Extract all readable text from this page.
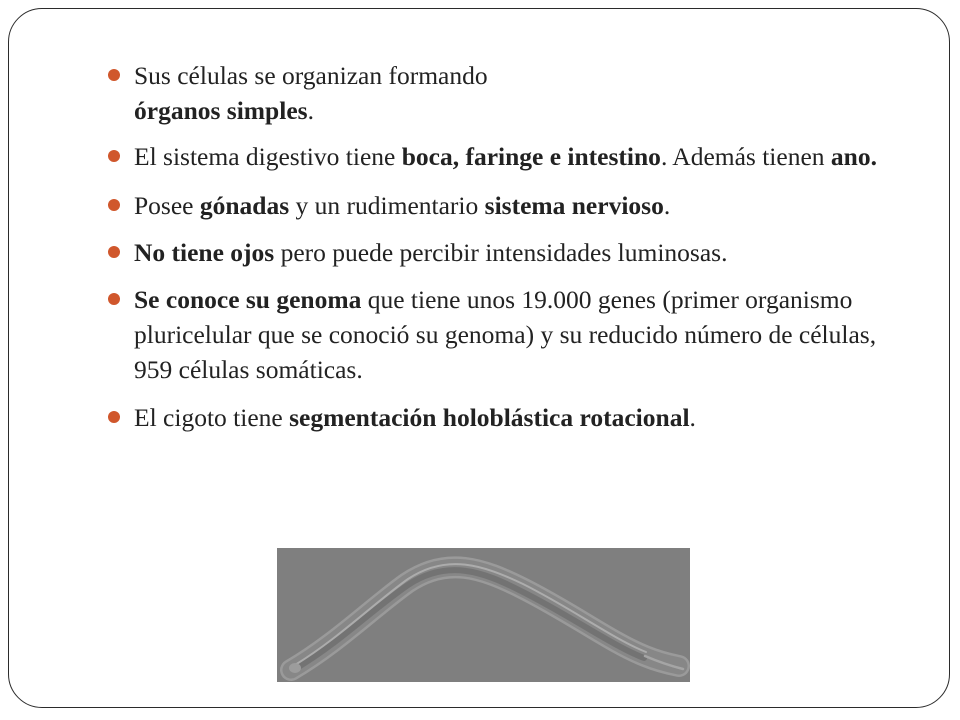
Sus células se organizan formando
órganos simples.
El sistema digestivo tiene boca, faringe e intestino. Además tienen ano.
Posee gónadas y un rudimentario sistema nervioso.
No tiene ojos pero puede percibir intensidades luminosas.
Se conoce su genoma que tiene unos 19.000 genes (primer organismo pluricelular que se conoció su genoma) y su reducido número de células, 959 células somáticas.
El cigoto tiene segmentación holoblástica rotacional.
